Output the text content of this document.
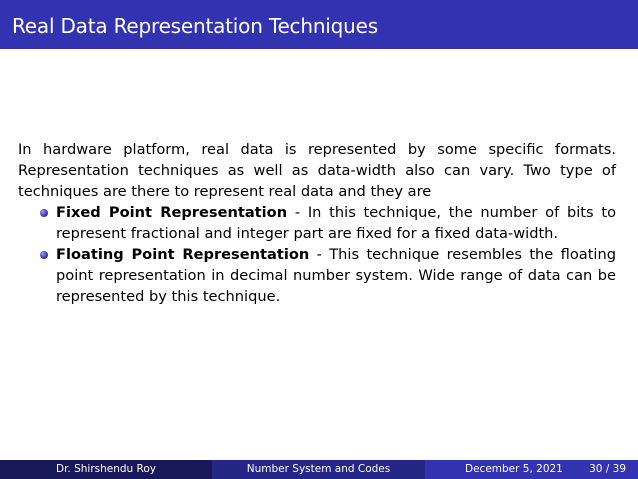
Real Data Representation Techniques

In hardware platform, real data is represented by some specific formats. Representation techniques as well as data-width also can vary. Two type of techniques are there to represent real data and they are

Fixed Point Representation - In this technique, the number of bits to represent fractional and integer part are fixed for a fixed data-width.
Floating Point Representation - This technique resembles the floating point representation in decimal number system. Wide range of data can be represented by this technique.
Dr. Shirshendu Roy	Number System and Codes	December 5, 2021 30 / 39
